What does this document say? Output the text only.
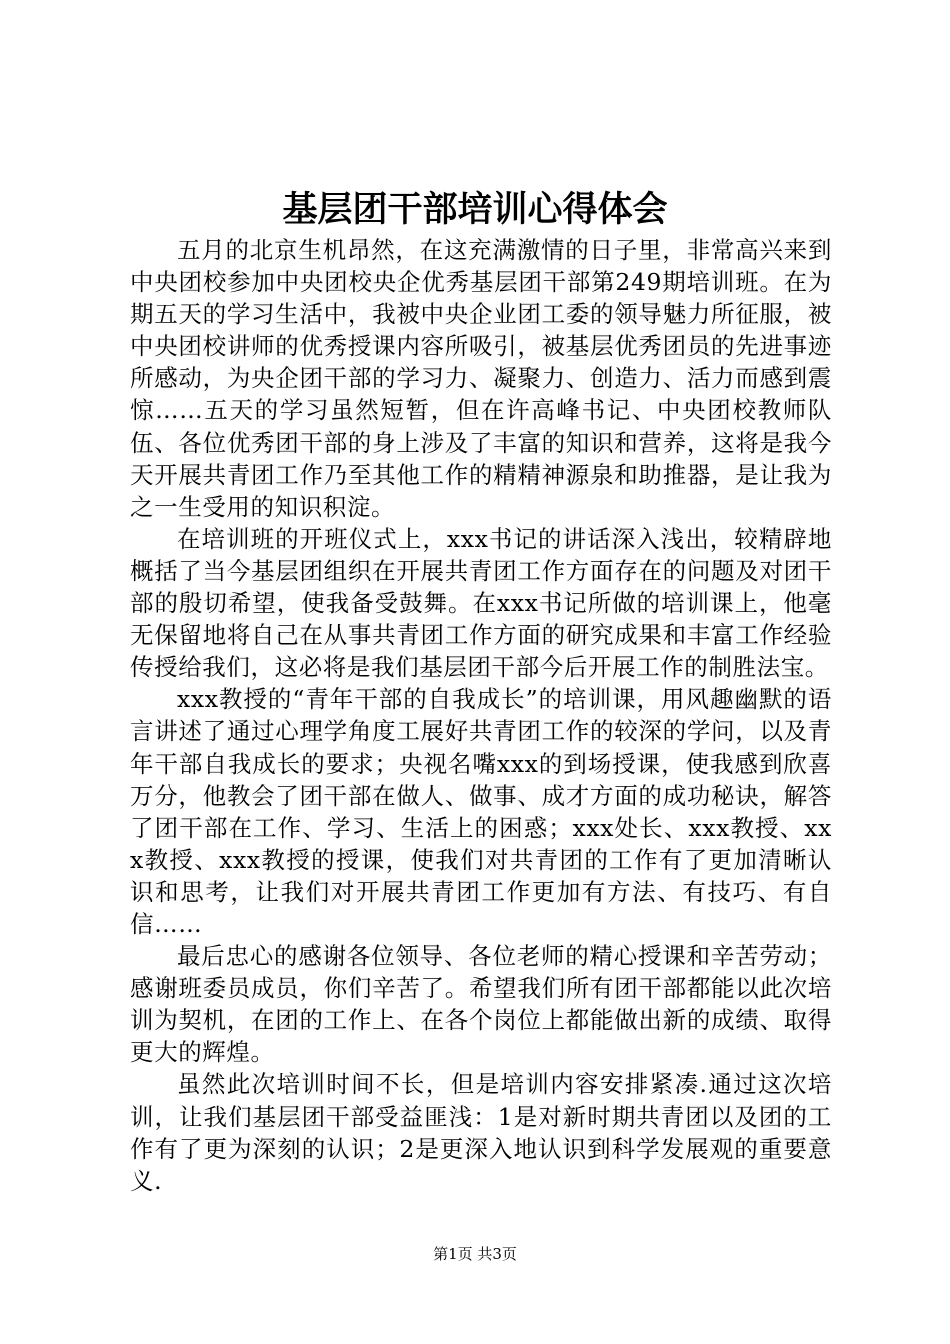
基层团干部培训心得体会

五月的北京生机昂然，在这充满激情的日子里，非常高兴来到中央团校参加中央团校央企优秀基层团干部第249期培训班。在为期五天的学习生活中，我被中央企业团工委的领导魅力所征服，被中央团校讲师的优秀授课内容所吸引，被基层优秀团员的先进事迹所感动，为央企团干部的学习力、凝聚力、创造力、活力而感到震惊……五天的学习虽然短暂，但在许高峰书记、中央团校教师队伍、各位优秀团干部的身上涉及了丰富的知识和营养，这将是我今天开展共青团工作乃至其他工作的精精神源泉和助推器，是让我为之一生受用的知识积淀。

在培训班的开班仪式上，xxx书记的讲话深入浅出，较精辟地概括了当今基层团组织在开展共青团工作方面存在的问题及对团干部的殷切希望，使我备受鼓舞。在xxx书记所做的培训课上，他毫无保留地将自己在从事共青团工作方面的研究成果和丰富工作经验传授给我们，这必将是我们基层团干部今后开展工作的制胜法宝。

xxx教授的“青年干部的自我成长”的培训课，用风趣幽默的语言讲述了通过心理学角度工展好共青团工作的较深的学问，以及青年干部自我成长的要求；央视名嘴xxx的到场授课，使我感到欣喜万分，他教会了团干部在做人、做事、成才方面的成功秘诀，解答了团干部在工作、学习、生活上的困惑；xxx处长、xxx教授、xxx教授、xxx教授的授课，使我们对共青团的工作有了更加清晰认识和思考，让我们对开展共青团工作更加有方法、有技巧、有自信……

最后忠心的感谢各位领导、各位老师的精心授课和辛苦劳动；感谢班委员成员，你们辛苦了。希望我们所有团干部都能以此次培训为契机，在团的工作上、在各个岗位上都能做出新的成绩、取得更大的辉煌。

虽然此次培训时间不长，但是培训内容安排紧凑.通过这次培训，让我们基层团干部受益匪浅：1是对新时期共青团以及团的工作有了更为深刻的认识；2是更深入地认识到科学发展观的重要意义.

第1页 共3页
